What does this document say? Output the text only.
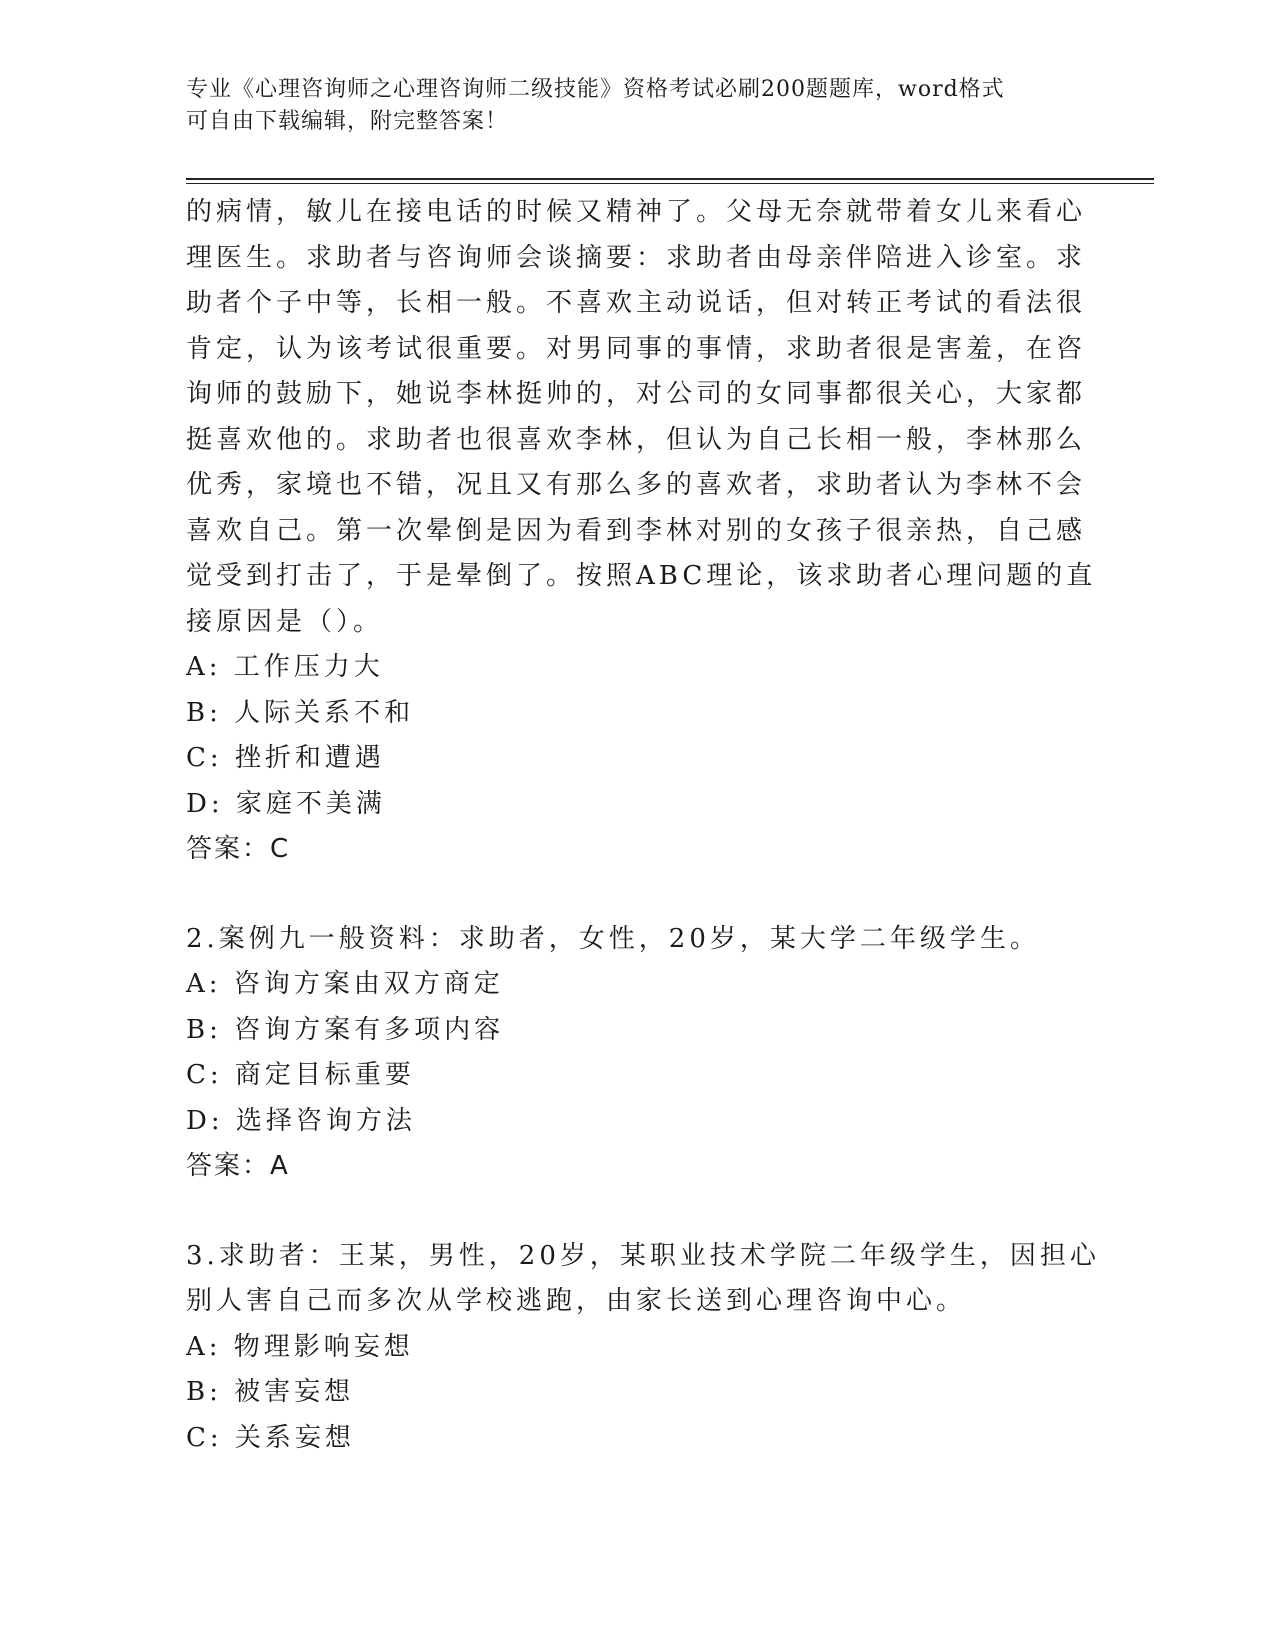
专业《心理咨询师之心理咨询师二级技能》资格考试必刷200题题库，word格式
可自由下载编辑，附完整答案！
的病情，敏儿在接电话的时候又精神了。父母无奈就带着女儿来看心
理医生。求助者与咨询师会谈摘要：求助者由母亲伴陪进入诊室。求
助者个子中等，长相一般。不喜欢主动说话，但对转正考试的看法很
肯定，认为该考试很重要。对男同事的事情，求助者很是害羞，在咨
询师的鼓励下，她说李林挺帅的，对公司的女同事都很关心，大家都
挺喜欢他的。求助者也很喜欢李林，但认为自己长相一般，李林那么
优秀，家境也不错，况且又有那么多的喜欢者，求助者认为李林不会
喜欢自己。第一次晕倒是因为看到李林对别的女孩子很亲热，自己感
觉受到打击了，于是晕倒了。按照ABC理论，该求助者心理问题的直
接原因是（）。
A: 工作压力大
B: 人际关系不和
C: 挫折和遭遇
D: 家庭不美满
答案：C
2.案例九一般资料：求助者，女性，20岁，某大学二年级学生。
A: 咨询方案由双方商定
B: 咨询方案有多项内容
C: 商定目标重要
D: 选择咨询方法
答案：A
3.求助者：王某，男性，20岁，某职业技术学院二年级学生，因担心
别人害自己而多次从学校逃跑，由家长送到心理咨询中心。
A: 物理影响妄想
B: 被害妄想
C: 关系妄想
